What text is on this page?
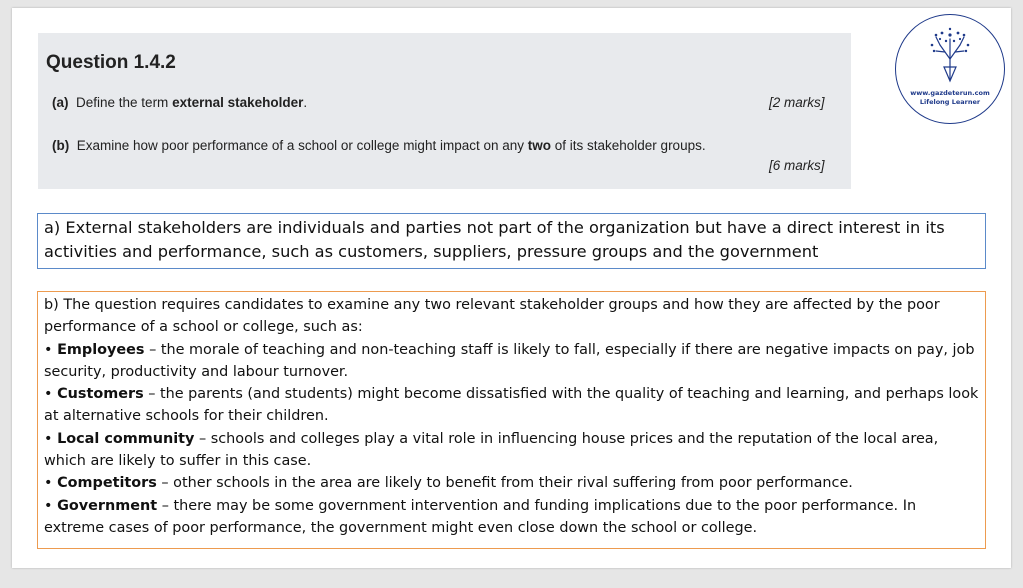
Question 1.4.2
(a) Define the term external stakeholder.	[2 marks]
(b) Examine how poor performance of a school or college might impact on any two of its stakeholder groups.
[6 marks]
www.gazdeterun.com
Lifelong Learner
a) External stakeholders are individuals and parties not part of the organization but have a direct interest in its activities and performance, such as customers, suppliers, pressure groups and the government

b) The question requires candidates to examine any two relevant stakeholder groups and how they are affected by the poor performance of a school or college, such as:

• Employees – the morale of teaching and non-teaching staff is likely to fall, especially if there are negative impacts on pay, job security, productivity and labour turnover.

• Customers – the parents (and students) might become dissatisfied with the quality of teaching and learning, and perhaps look at alternative schools for their children.

• Local community – schools and colleges play a vital role in influencing house prices and the reputation of the local area, which are likely to suffer in this case.

• Competitors – other schools in the area are likely to benefit from their rival suffering from poor performance.

• Government – there may be some government intervention and funding implications due to the poor performance. In extreme cases of poor performance, the government might even close down the school or college.
